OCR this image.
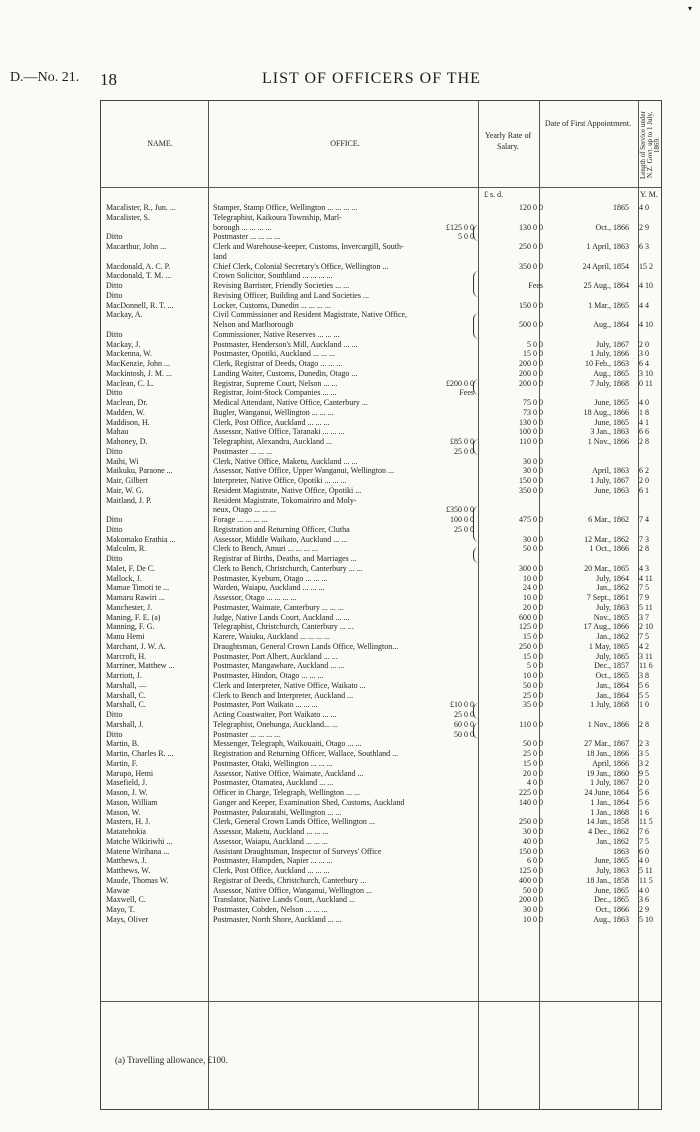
▾
D.—No. 21. 18	LIST OF OFFICERS OF THE
NAME.	OFFICE.
Yearly Rate of Salary.
Date of First Appointment.	Length of Service under N.Z. Govt. up to 1 July, 1869.
£ s. d.	Y. M.
Macalister, R., Jun. ...	Stamper, Stamp Office, Wellington ... ... ... ...	120 0 0	1865 4 0
Macalister, S.	Telegraphist, Kaikoura Township, Marl-
borough ... ... ... ...	£125 0 0	130 0 0	Oct., 1866 2 9
Ditto	Postmaster ... ... ... ...	5 0 0
Macarthur, John ...	Clerk and Warehouse-keeper, Customs, Invercargill, South-	250 0 0	1 April, 1863 6 3
land
Macdonald, A. C. P.	Chief Clerk, Colonial Secretary's Office, Wellington ...	350 0 0	24 April, 1854 15 2
Macdonald, T. M. ...	Crown Solicitor, Southland ... ... ... ...
Ditto	Revising Barrister, Friendly Societies ... ...	Fees	25 Aug., 1864 4 10
Ditto	Revising Officer, Building and Land Societies ...
MacDonnell, R. T. ...	Locker, Customs, Dunedin ... ... ... ...	150 0 0	1 Mar., 1865 4 4
Mackay, A.	Civil Commissioner and Resident Magistrate, Native Office,
Nelson and Marlborough	500 0 0	Aug., 1864 4 10
Ditto	Commissioner, Native Reserves ... ... ...
Mackay, J.	Postmaster, Henderson's Mill, Auckland ... ...	5 0 0	July, 1867 2 0
Mackenna, W.	Postmaster, Opotiki, Auckland ... ... ...	15 0 0	1 July, 1866 3 0
MacKenzie, John ...	Clerk, Registrar of Deeds, Otago ... ... ...	200 0 0	10 Feb., 1863 6 4
Mackintosh, J. M. ...	Landing Waiter, Customs, Dunedin, Otago ...	200 0 0	Aug., 1865 3 10
Maclean, C. L.	Registrar, Supreme Court, Nelson ... ...	£200 0 0	200 0 0	7 July, 1868 0 11
Ditto	Registrar, Joint-Stock Companies ... ...	Fees
Maclean, Dr.	Medical Attendant, Native Office, Canterbury ...	75 0 0	June, 1865 4 0
Madden, W.	Bugler, Wanganui, Wellington ... ... ...	73 0 0	18 Aug., 1866 1 8
Maddison, H.	Clerk, Post Office, Auckland ... ... ...	130 0 0	June, 1865 4 1
Mahau	Assessor, Native Office, Taranaki ... ... ...	100 0 0	3 Jan., 1863 6 6
Mahoney, D.	Telegraphist, Alexandra, Auckland ...	£85 0 0	110 0 0	1 Nov., 1866 2 8
Ditto	Postmaster ... ... ...	25 0 0
Maihi, Wi	Clerk, Native Office, Maketu, Auckland ... ...	30 0 0
Maikuku, Paraone ...	Assessor, Native Office, Upper Wanganui, Wellington ...	30 0 0	April, 1863 6 2
Mair, Gilbert	Interpreter, Native Office, Opotiki ... ... ...	150 0 0	1 July, 1867 2 0
Mair, W. G.	Resident Magistrate, Native Office, Opotiki ...	350 0 0	June, 1863 6 1
Maitland, J. P.	Resident Magistrate, Tokomairiro and Moly-
neux, Otago ... ... ...	£350 0 0
Ditto	Forage ... ... ... ...	100 0 0	475 0 0	6 Mar., 1862 7 4
Ditto	Registration and Returning Officer, Clutha	25 0 0
Makomako Erathia ...	Assessor, Middle Waikato, Auckland ... ...	30 0 0	12 Mar., 1862 7 3
Malcolm, R.	Clerk to Bench, Amuri ... ... ... ...	50 0 0	1 Oct., 1866 2 8
Ditto	Registrar of Births, Deaths, and Marriages ...
Malet, F. De C.	Clerk to Bench, Christchurch, Canterbury ... ...	300 0 0	20 Mar., 1865 4 3
Mallock, J.	Postmaster, Kyeburn, Otago ... ... ...	10 0 0	July, 1864 4 11
Mamae Timoti te ...	Warden, Waiapu, Auckland ... ... ...	24 0 0	Jan., 1862 7 5
Mamaru Rawiri ...	Assessor, Otago ... ... ... ...	10 0 0	7 Sept., 1861 7 9
Manchester, J.	Postmaster, Waimate, Canterbury ... ... ...	20 0 0	July, 1863 5 11
Maning, F. E. (a)	Judge, Native Lands Court, Auckland ... ...	600 0 0	Nov., 1865 3 7
Manning, F. G.	Telegraphist, Christchurch, Canterbury ... ...	125 0 0	17 Aug., 1866 2 10
Manu Hemi	Karere, Waiuku, Auckland ... ... ... ...	15 0 0	Jan., 1862 7 5
Marchant, J. W. A.	Draughtsman, General Crown Lands Office, Wellington...	250 0 0	1 May, 1865 4 2
Marcroft, H.	Postmaster, Port Albert, Auckland ... ...	15 0 0	July, 1865 3 11
Marriner, Matthew ...	Postmaster, Mangawhare, Auckland ... ...	5 0 0	Dec., 1857 11 6
Marriott, J.	Postmaster, Hindon, Otago ... ... ...	10 0 0	Oct., 1865 3 8
Marshall, —	Clerk and Interpreter, Native Office, Waikato ...	50 0 0	Jan., 1864 5 6
Marshall, C.	Clerk to Bench and Interpreter, Auckland ...	25 0 0	Jan., 1864 5 5
Marshall, C.	Postmaster, Port Waikato ... ... ...	£10 0 0	35 0 0	1 July, 1868 1 0
Ditto	Acting Coastwaiter, Port Waikato ... ...	25 0 0
Marshall, J.	Telegraphist, Onehunga, Auckland... ...	60 0 0	110 0 0	1 Nov., 1866 2 8
Ditto	Postmaster ... ... ... ...	50 0 0
Martin, B.	Messenger, Telegraph, Waikouaiti, Otago ... ...	50 0 0	27 Mar., 1867 2 3
Martin, Charles R. ...	Registration and Returning Officer, Wallace, Southland ...	25 0 0	18 Jan., 1866 3 5
Martin, F.	Postmaster, Otaki, Wellington ... ... ...	15 0 0	April, 1866 3 2
Marupo, Hemi	Assessor, Native Office, Waimate, Auckland ...	20 0 0	19 Jan., 1860 9 5
Masefield, J.	Postmaster, Otamatea, Auckland ... ...	4 0 0	1 July, 1867 2 0
Mason, J. W.	Officer in Charge, Telegraph, Wellington ... ...	225 0 0	24 June, 1864 5 6
Mason, William	Ganger and Keeper, Examination Shed, Customs, Auckland	140 0 0	1 Jan., 1864 5 6
Mason, W.	Postmaster, Pakuratahi, Wellington ... ...	1 Jan., 1868 1 6
Masters, H. J.	Clerk, General Crown Lands Office, Wellington ...	250 0 0	14 Jan., 1858 11 5
Matatehokia	Assessor, Maketu, Auckland ... ... ...	30 0 0	4 Dec., 1862 7 6
Matche Wikiriwhi ...	Assessor, Waiapu, Auckland ... ... ...	40 0 0	Jan., 1862 7 5
Matene Wirihana ...	Assistant Draughtsman, Inspector of Surveys' Office	150 0 0	1863 6 0
Matthews, J.	Postmaster, Hampden, Napier ... ... ...	6 0 0	June, 1865 4 0
Matthews, W.	Clerk, Post Office, Auckland ... ... ...	125 0 0	July, 1863 5 11
Maude, Thomas W.	Registrar of Deeds, Christchurch, Canterbury ...	400 0 0	18 Jan., 1858 11 5
Mawae	Assessor, Native Office, Wanganui, Wellington ...	50 0 0	June, 1865 4 0
Maxwell, C.	Translator, Native Lands Court, Auckland ...	200 0 0	Dec., 1865 3 6
Mayo, T.	Postmaster, Cobden, Nelson ... ... ...	30 0 0	Oct., 1866 2 9
Mays, Oliver	Postmaster, North Shore, Auckland ... ...	10 0 0	Aug., 1863 5 10
(a) Travelling allowance, £100.
